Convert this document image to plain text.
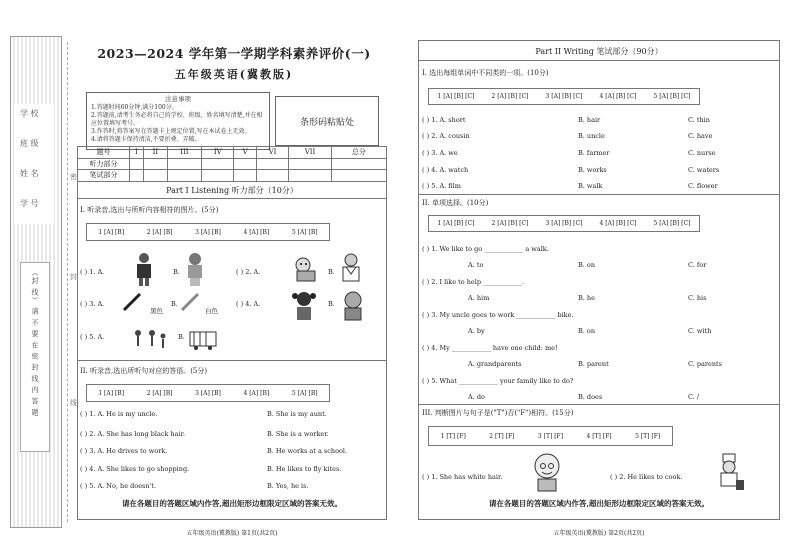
学 校
班 级
姓 名
学 号
（封 线） 请 不 要 在 密 封 线 内 答 题
密
封
线
2023—2024 学年第一学期学科素养评价(一)
五年级英语(冀教版)
注意事项
1.答题时间60分钟,满分100分。
2.答题前,请考生务必将自己的学校、班级、姓名填写清楚,并在相应位置填写考号。
3.作答时,将答案写在答题卡上规定位置,写在本试卷上无效。
4.请将答题卡保持清洁,不要折叠、弄破。
条形码粘贴处
题号	I	II	III	IV	V	VI	VII	总分
听力部分								
笔试部分								
Part I Listening 听力部分（10分）
I. 听录音,选出与所听内容相符的图片。(5分)
1 [A] [B]	2 [A] [B]	3 [A] [B]	4 [A] [B]	5 [A] [B]
( ) 1. A.	B.	( ) 2. A.	B.
( ) 3. A.
黑色
B.
白色
( ) 4. A.	B.
( ) 5. A.	B.
II. 听录音,选出所听句对应的答语。(5分)
1 [A] [B]	2 [A] [B]	3 [A] [B]	4 [A] [B]	5 [A] [B]
( ) 1. A. He is my uncle.	B. She is my aunt.
( ) 2. A. She has long black hair.	B. She is a worker.
( ) 3. A. He drives to work.	B. He works at a school.
( ) 4. A. She likes to go shopping.	B. He likes to fly kites.
( ) 5. A. No, he doesn't.	B. Yes, he is.
请在各题目的答题区域内作答,超出矩形边框限定区域的答案无效。
五年级英语(冀教版) 第1页(共2页)
Part II Writing 笔试部分（90分）
I. 选出每组单词中不同类的一项。(10分)
1 [A] [B] [C]	2 [A] [B] [C]	3 [A] [B] [C]	4 [A] [B] [C]	5 [A] [B] [C]
( ) 1. A. short	B. hair	C. thin
( ) 2. A. cousin	B. uncle	C. have
( ) 3. A. we	B. farmer	C. nurse
( ) 4. A. watch	B. works	C. waters
( ) 5. A. film	B. walk	C. flower
II. 单项选择。(10分)
1 [A] [B] [C]	2 [A] [B] [C]	3 [A] [B] [C]	4 [A] [B] [C]	5 [A] [B] [C]
( ) 1. We like to go ____________ a walk.
A. to	B. on	C. for
( ) 2. I like to help ____________.
A. him	B. he	C. his
( ) 3. My uncle goes to work ____________ bike.
A. by	B. on	C. with
( ) 4. My ____________ have one child: me!
A. grandparents	B. parent	C. parents
( ) 5. What ____________ your family like to do?
A. do	B. does	C. /
III. 判断图片与句子是("T")否("F")相符。(15分)
1 [T] [F]	2 [T] [F]	3 [T] [F]	4 [T] [F]	5 [T] [F]
( ) 1. She has white hair.	( ) 2. He likes to cook.
请在各题目的答题区域内作答,超出矩形边框限定区域的答案无效。
五年级英语(冀教版) 第2页(共2页)
